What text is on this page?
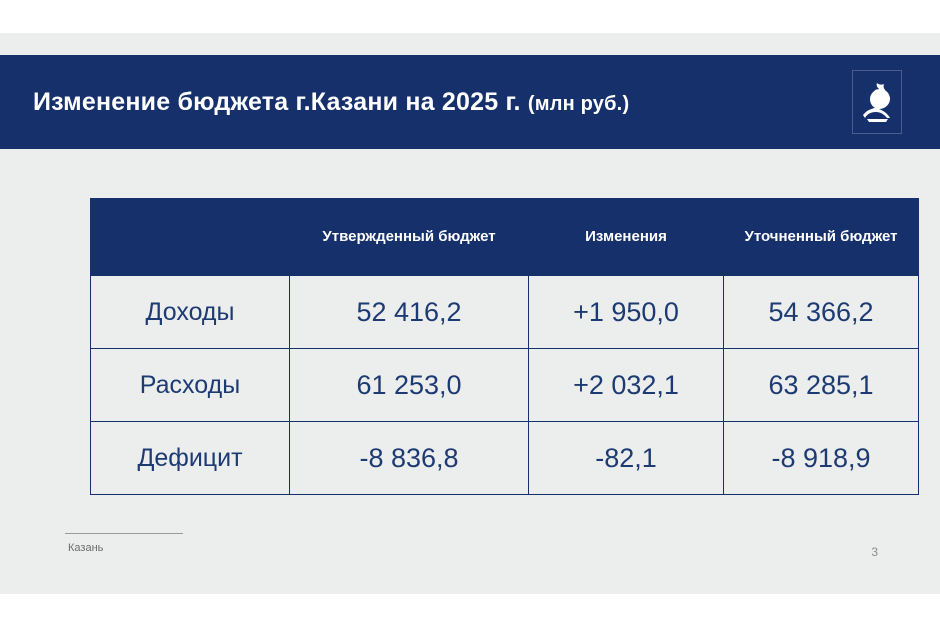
Изменение бюджета г.Казани на 2025 г. (млн руб.)
	Утвержденный бюджет	Изменения	Уточненный бюджет
Доходы	52 416,2	+1 950,0	54 366,2
Расходы	61 253,0	+2 032,1	63 285,1
Дефицит	-8 836,8	-82,1	-8 918,9
Казань	3
